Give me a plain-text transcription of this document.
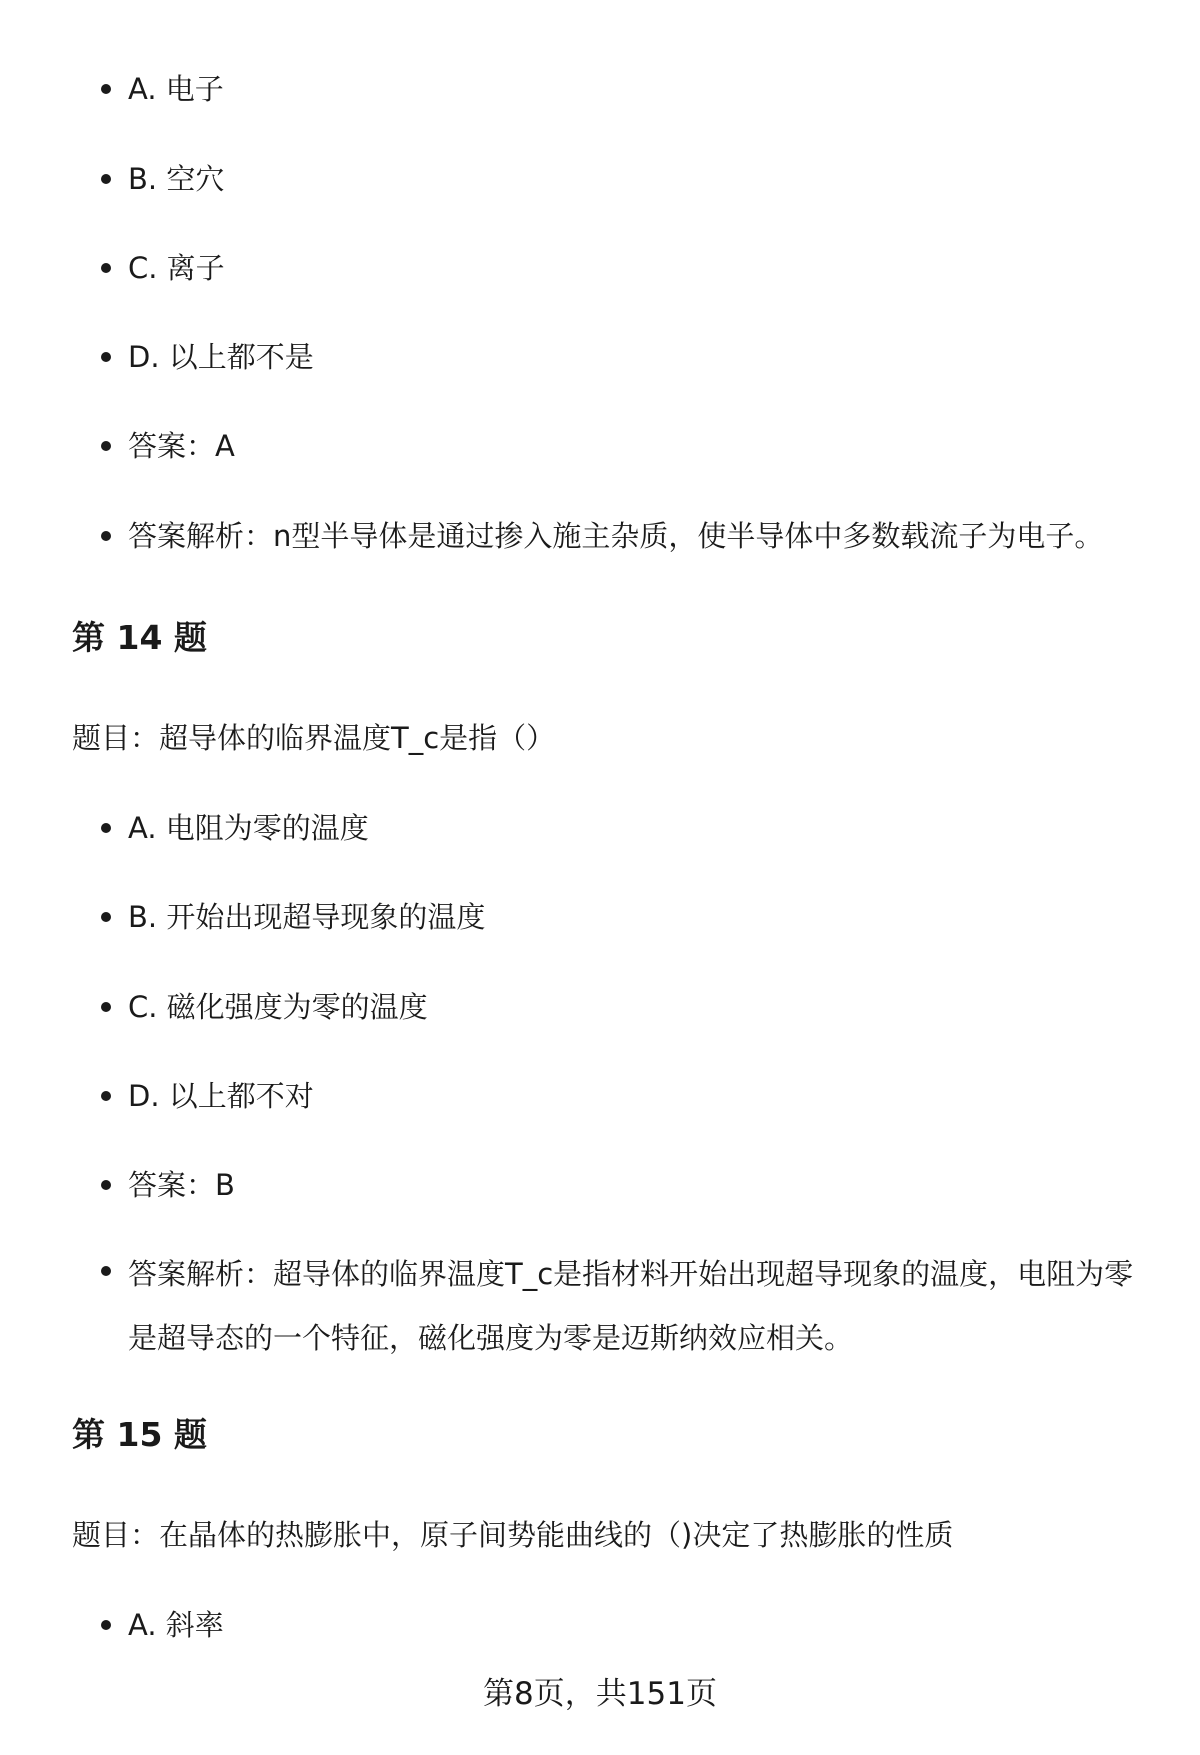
A. 电子
B. 空穴
C. 离子
D. 以上都不是
答案：A
答案解析：n型半导体是通过掺入施主杂质，使半导体中多数载流子为电子。
第 14 题
题目：超导体的临界温度T_c是指（）
A. 电阻为零的温度
B. 开始出现超导现象的温度
C. 磁化强度为零的温度
D. 以上都不对
答案：B
答案解析：超导体的临界温度T_c是指材料开始出现超导现象的温度，电阻为零是超导态的一个特征，磁化强度为零是迈斯纳效应相关。
第 15 题
题目：在晶体的热膨胀中，原子间势能曲线的（)决定了热膨胀的性质
A. 斜率
第8页，共151页
